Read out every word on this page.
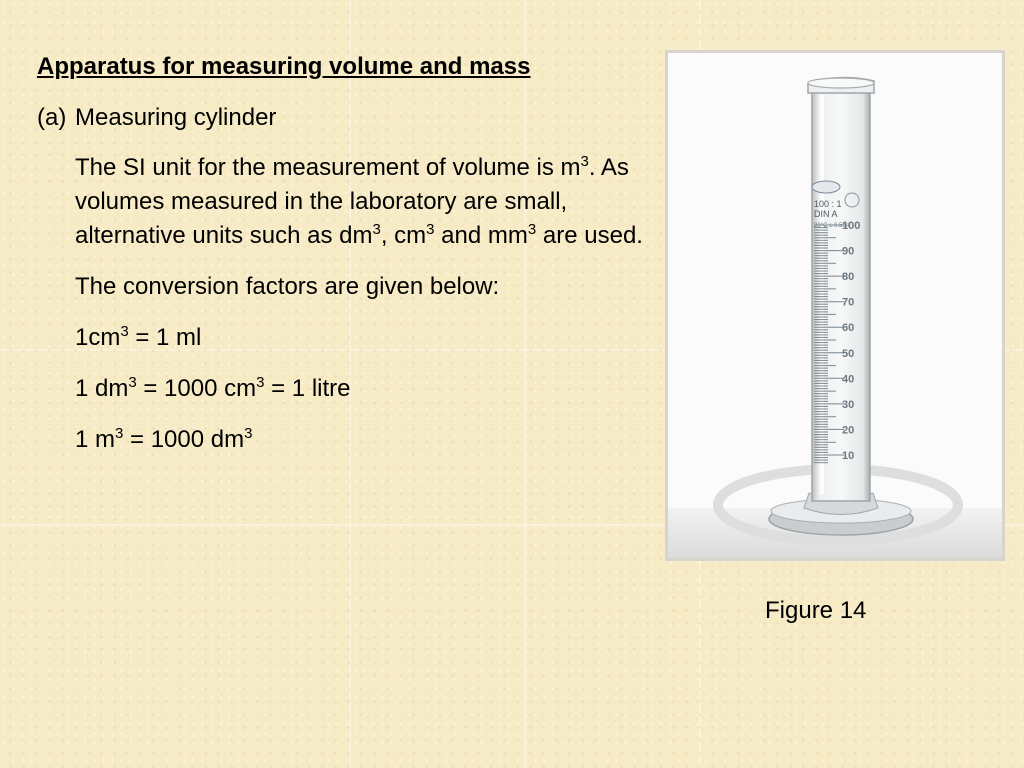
Apparatus for measuring volume and mass
(a) Measuring cylinder
The SI unit for the measurement of volume is $m^3$. As volumes measured in the laboratory are small, alternative units such as $dm^3$, $cm^3$ and $mm^3$ are used.
The conversion factors are given below:
$1cm^3 = 1$ ml
1 $dm^3 = 1000$ $cm^3 = 1$ litre
1 $m^3 = 1000$ $dm^3$
100 : 1
DIN A
20°C ± 0.5ml
100
90
80
70
60
50
40
30
20
10
Figure 14
